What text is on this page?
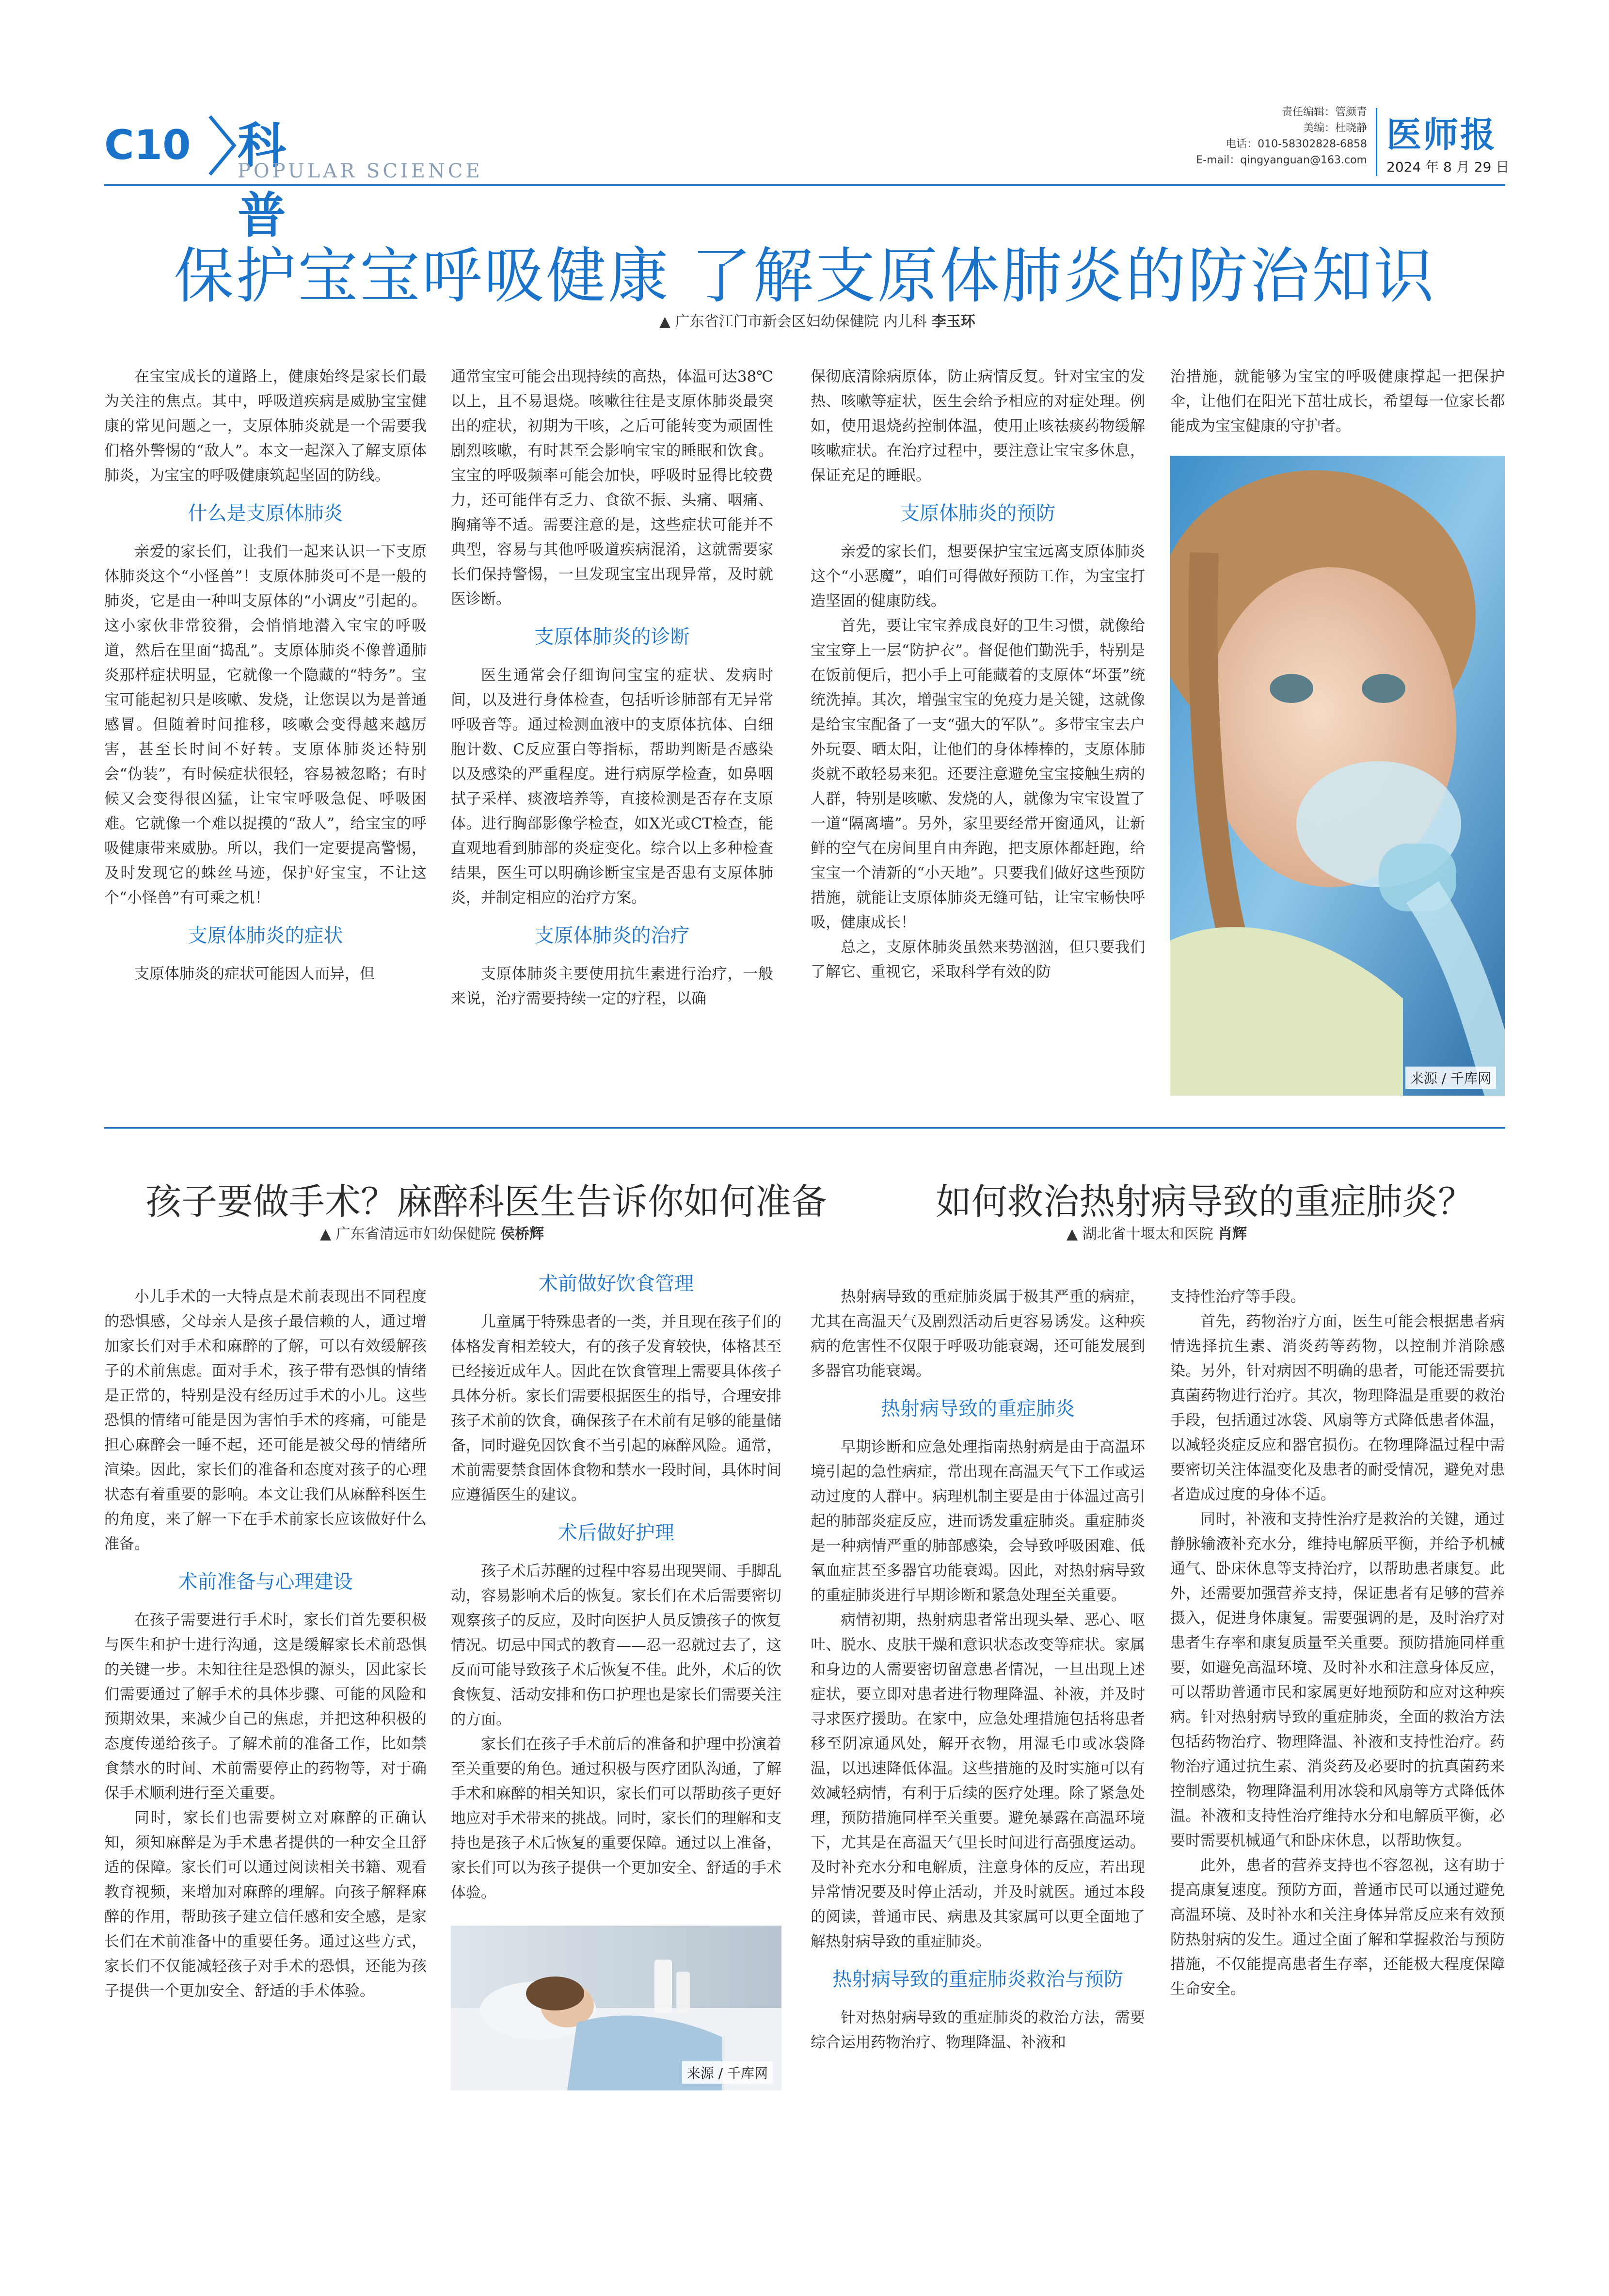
C10 科普
POPULAR SCIENCE
责任编辑：管颜青
美编：杜晓静
电话：010-58302828-6858
E-mail：qingyanguan@163.com
医师报
2024 年 8 月 29 日
保护宝宝呼吸健康 了解支原体肺炎的防治知识
▲ 广东省江门市新会区妇幼保健院 内儿科 李玉环

在宝宝成长的道路上，健康始终是家长们最为关注的焦点。其中，呼吸道疾病是威胁宝宝健康的常见问题之一，支原体肺炎就是一个需要我们格外警惕的“敌人”。本文一起深入了解支原体肺炎，为宝宝的呼吸健康筑起坚固的防线。

什么是支原体肺炎

亲爱的家长们，让我们一起来认识一下支原体肺炎这个“小怪兽”！支原体肺炎可不是一般的肺炎，它是由一种叫支原体的“小调皮”引起的。这小家伙非常狡猾，会悄悄地潜入宝宝的呼吸道，然后在里面“捣乱”。支原体肺炎不像普通肺炎那样症状明显，它就像一个隐藏的“特务”。宝宝可能起初只是咳嗽、发烧，让您误以为是普通感冒。但随着时间推移，咳嗽会变得越来越厉害，甚至长时间不好转。支原体肺炎还特别会“伪装”，有时候症状很轻，容易被忽略；有时候又会变得很凶猛，让宝宝呼吸急促、呼吸困难。它就像一个难以捉摸的“敌人”，给宝宝的呼吸健康带来威胁。所以，我们一定要提高警惕，及时发现它的蛛丝马迹，保护好宝宝，不让这个“小怪兽”有可乘之机！

支原体肺炎的症状

支原体肺炎的症状可能因人而异，但

通常宝宝可能会出现持续的高热，体温可达38℃以上，且不易退烧。咳嗽往往是支原体肺炎最突出的症状，初期为干咳，之后可能转变为顽固性剧烈咳嗽，有时甚至会影响宝宝的睡眠和饮食。宝宝的呼吸频率可能会加快，呼吸时显得比较费力，还可能伴有乏力、食欲不振、头痛、咽痛、胸痛等不适。需要注意的是，这些症状可能并不典型，容易与其他呼吸道疾病混淆，这就需要家长们保持警惕，一旦发现宝宝出现异常，及时就医诊断。

支原体肺炎的诊断

医生通常会仔细询问宝宝的症状、发病时间，以及进行身体检查，包括听诊肺部有无异常呼吸音等。通过检测血液中的支原体抗体、白细胞计数、C反应蛋白等指标，帮助判断是否感染以及感染的严重程度。进行病原学检查，如鼻咽拭子采样、痰液培养等，直接检测是否存在支原体。进行胸部影像学检查，如X光或CT检查，能直观地看到肺部的炎症变化。综合以上多种检查结果，医生可以明确诊断宝宝是否患有支原体肺炎，并制定相应的治疗方案。

支原体肺炎的治疗

支原体肺炎主要使用抗生素进行治疗，一般来说，治疗需要持续一定的疗程，以确

保彻底清除病原体，防止病情反复。针对宝宝的发热、咳嗽等症状，医生会给予相应的对症处理。例如，使用退烧药控制体温，使用止咳祛痰药物缓解咳嗽症状。在治疗过程中，要注意让宝宝多休息，保证充足的睡眠。

支原体肺炎的预防

亲爱的家长们，想要保护宝宝远离支原体肺炎这个“小恶魔”，咱们可得做好预防工作，为宝宝打造坚固的健康防线。

首先，要让宝宝养成良好的卫生习惯，就像给宝宝穿上一层“防护衣”。督促他们勤洗手，特别是在饭前便后，把小手上可能藏着的支原体“坏蛋”统统洗掉。其次，增强宝宝的免疫力是关键，这就像是给宝宝配备了一支“强大的军队”。多带宝宝去户外玩耍、晒太阳，让他们的身体棒棒的，支原体肺炎就不敢轻易来犯。还要注意避免宝宝接触生病的人群，特别是咳嗽、发烧的人，就像为宝宝设置了一道“隔离墙”。另外，家里要经常开窗通风，让新鲜的空气在房间里自由奔跑，把支原体都赶跑，给宝宝一个清新的“小天地”。只要我们做好这些预防措施，就能让支原体肺炎无缝可钻，让宝宝畅快呼吸，健康成长！

总之，支原体肺炎虽然来势汹汹，但只要我们了解它、重视它，采取科学有效的防

治措施，就能够为宝宝的呼吸健康撑起一把保护伞，让他们在阳光下茁壮成长，希望每一位家长都能成为宝宝健康的守护者。

来源 / 千库网
孩子要做手术？麻醉科医生告诉你如何准备
▲ 广东省清远市妇幼保健院 侯桥辉

小儿手术的一大特点是术前表现出不同程度的恐惧感，父母亲人是孩子最信赖的人，通过增加家长们对手术和麻醉的了解，可以有效缓解孩子的术前焦虑。面对手术，孩子带有恐惧的情绪是正常的，特别是没有经历过手术的小儿。这些恐惧的情绪可能是因为害怕手术的疼痛，可能是担心麻醉会一睡不起，还可能是被父母的情绪所渲染。因此，家长们的准备和态度对孩子的心理状态有着重要的影响。本文让我们从麻醉科医生的角度，来了解一下在手术前家长应该做好什么准备。

术前准备与心理建设

在孩子需要进行手术时，家长们首先要积极与医生和护士进行沟通，这是缓解家长术前恐惧的关键一步。未知往往是恐惧的源头，因此家长们需要通过了解手术的具体步骤、可能的风险和预期效果，来减少自己的焦虑，并把这种积极的态度传递给孩子。了解术前的准备工作，比如禁食禁水的时间、术前需要停止的药物等，对于确保手术顺利进行至关重要。

同时，家长们也需要树立对麻醉的正确认知，须知麻醉是为手术患者提供的一种安全且舒适的保障。家长们可以通过阅读相关书籍、观看教育视频，来增加对麻醉的理解。向孩子解释麻醉的作用，帮助孩子建立信任感和安全感，是家长们在术前准备中的重要任务。通过这些方式，家长们不仅能减轻孩子对手术的恐惧，还能为孩子提供一个更加安全、舒适的手术体验。

术前做好饮食管理

儿童属于特殊患者的一类，并且现在孩子们的体格发育相差较大，有的孩子发育较快，体格甚至已经接近成年人。因此在饮食管理上需要具体孩子具体分析。家长们需要根据医生的指导，合理安排孩子术前的饮食，确保孩子在术前有足够的能量储备，同时避免因饮食不当引起的麻醉风险。通常，术前需要禁食固体食物和禁水一段时间，具体时间应遵循医生的建议。

术后做好护理

孩子术后苏醒的过程中容易出现哭闹、手脚乱动，容易影响术后的恢复。家长们在术后需要密切观察孩子的反应，及时向医护人员反馈孩子的恢复情况。切忌中国式的教育——忍一忍就过去了，这反而可能导致孩子术后恢复不佳。此外，术后的饮食恢复、活动安排和伤口护理也是家长们需要关注的方面。

家长们在孩子手术前后的准备和护理中扮演着至关重要的角色。通过积极与医疗团队沟通，了解手术和麻醉的相关知识，家长们可以帮助孩子更好地应对手术带来的挑战。同时，家长们的理解和支持也是孩子术后恢复的重要保障。通过以上准备，家长们可以为孩子提供一个更加安全、舒适的手术体验。

来源 / 千库网
如何救治热射病导致的重症肺炎？
▲ 湖北省十堰太和医院 肖辉

热射病导致的重症肺炎属于极其严重的病症，尤其在高温天气及剧烈活动后更容易诱发。这种疾病的危害性不仅限于呼吸功能衰竭，还可能发展到多器官功能衰竭。

热射病导致的重症肺炎

早期诊断和应急处理指南热射病是由于高温环境引起的急性病症，常出现在高温天气下工作或运动过度的人群中。病理机制主要是由于体温过高引起的肺部炎症反应，进而诱发重症肺炎。重症肺炎是一种病情严重的肺部感染，会导致呼吸困难、低氧血症甚至多器官功能衰竭。因此，对热射病导致的重症肺炎进行早期诊断和紧急处理至关重要。

病情初期，热射病患者常出现头晕、恶心、呕吐、脱水、皮肤干燥和意识状态改变等症状。家属和身边的人需要密切留意患者情况，一旦出现上述症状，要立即对患者进行物理降温、补液，并及时寻求医疗援助。在家中，应急处理措施包括将患者移至阴凉通风处，解开衣物，用湿毛巾或冰袋降温，以迅速降低体温。这些措施的及时实施可以有效减轻病情，有利于后续的医疗处理。除了紧急处理，预防措施同样至关重要。避免暴露在高温环境下，尤其是在高温天气里长时间进行高强度运动。及时补充水分和电解质，注意身体的反应，若出现异常情况要及时停止活动，并及时就医。通过本段的阅读，普通市民、病患及其家属可以更全面地了解热射病导致的重症肺炎。

热射病导致的重症肺炎救治与预防

针对热射病导致的重症肺炎的救治方法，需要综合运用药物治疗、物理降温、补液和

支持性治疗等手段。

首先，药物治疗方面，医生可能会根据患者病情选择抗生素、消炎药等药物，以控制并消除感染。另外，针对病因不明确的患者，可能还需要抗真菌药物进行治疗。其次，物理降温是重要的救治手段，包括通过冰袋、风扇等方式降低患者体温，以减轻炎症反应和器官损伤。在物理降温过程中需要密切关注体温变化及患者的耐受情况，避免对患者造成过度的身体不适。

同时，补液和支持性治疗是救治的关键，通过静脉输液补充水分，维持电解质平衡，并给予机械通气、卧床休息等支持治疗，以帮助患者康复。此外，还需要加强营养支持，保证患者有足够的营养摄入，促进身体康复。需要强调的是，及时治疗对患者生存率和康复质量至关重要。预防措施同样重要，如避免高温环境、及时补水和注意身体反应，可以帮助普通市民和家属更好地预防和应对这种疾病。针对热射病导致的重症肺炎，全面的救治方法包括药物治疗、物理降温、补液和支持性治疗。药物治疗通过抗生素、消炎药及必要时的抗真菌药来控制感染，物理降温利用冰袋和风扇等方式降低体温。补液和支持性治疗维持水分和电解质平衡，必要时需要机械通气和卧床休息，以帮助恢复。

此外，患者的营养支持也不容忽视，这有助于提高康复速度。预防方面，普通市民可以通过避免高温环境、及时补水和关注身体异常反应来有效预防热射病的发生。通过全面了解和掌握救治与预防措施，不仅能提高患者生存率，还能极大程度保障生命安全。
